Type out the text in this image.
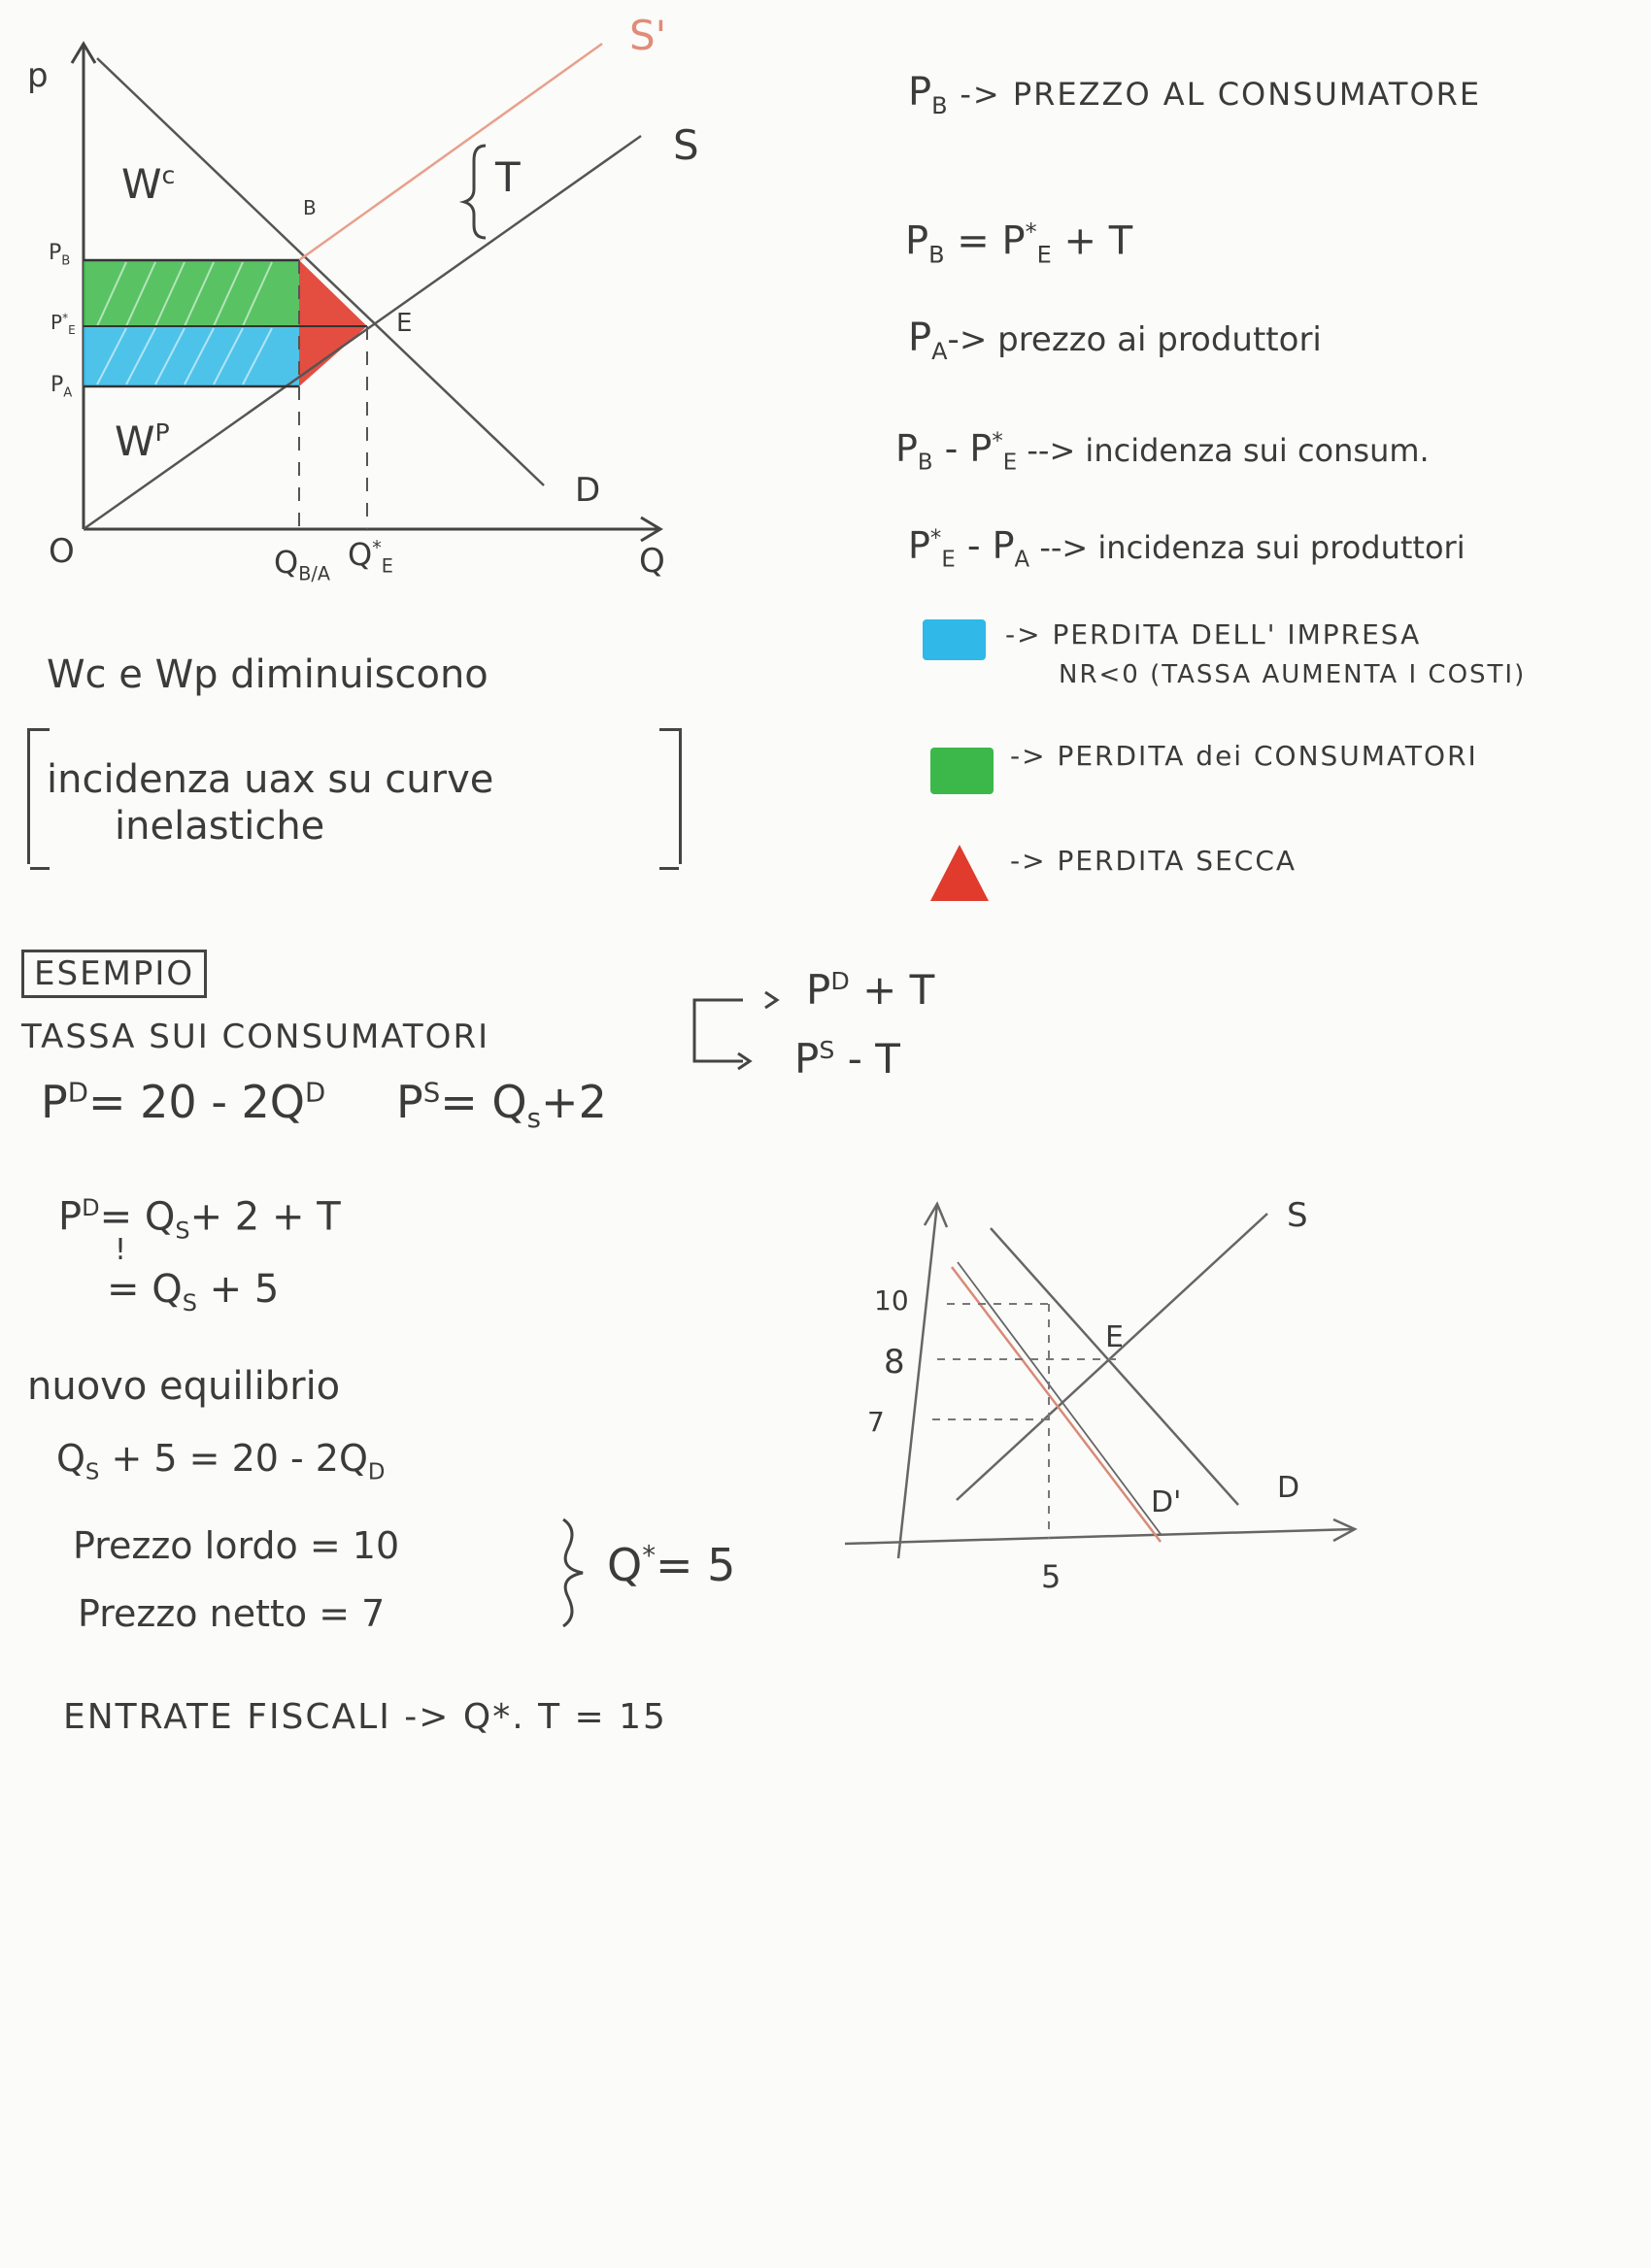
p
O	Q
$W^c$
$W^P$
$P_B$
$P^*_E$
$P_A$
B
E
D
S
S'
T
$Q_{B/A}$
$Q^*_E$
$P_B$ -> PREZZO AL CONSUMATORE
$P_B = P^*_E + T$
$P_A->$ prezzo ai produttori
$P_B - P^*_E$ --> incidenza sui consum.
$P^*_E - P_A$ --> incidenza sui produttori
-> PERDITA DELL' IMPRESA
NR<0 (TASSA AUMENTA I COSTI)
-> PERDITA dei CONSUMATORI
-> PERDITA SECCA
Wc e Wp diminuiscono
incidenza uax su curve
inelastiche
ESEMPIO
TASSA SUI CONSUMATORI
$P^D= 20 - 2Q^D$ $P^S= Q_s+2$
$P^D + T$
$P^S$ - T
$P^D= Q_S+ 2 + T$
!
= $Q_S + 5$
nuovo equilibrio
$Q_S + 5 = 20 - 2Q_D$
Prezzo lordo = 10
Prezzo netto = 7
Q*= 5
ENTRATE FISCALI -> Q*. T = 15
10
8
7
5
S
E
D
D'
